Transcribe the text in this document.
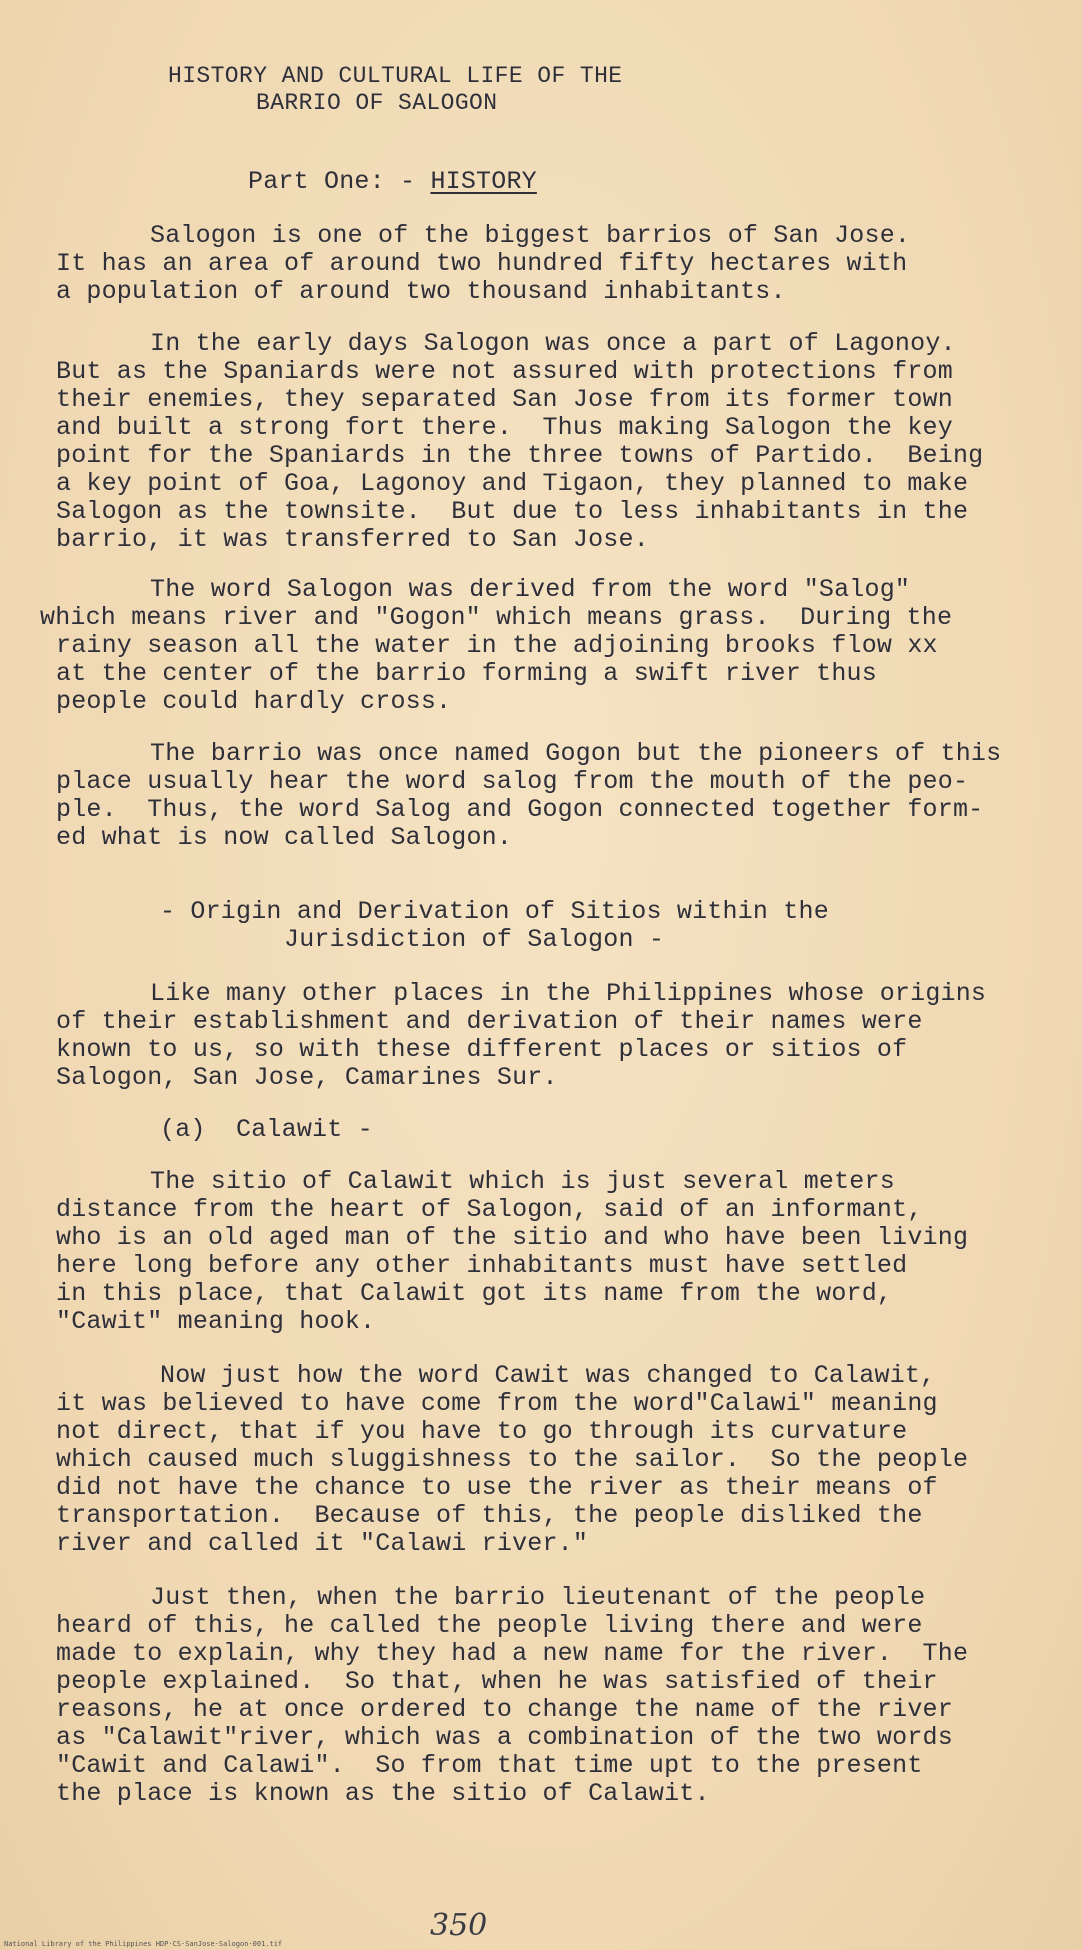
HISTORY AND CULTURAL LIFE OF THE
BARRIO OF SALOGON
Part One: - HISTORY
Salogon is one of the biggest barrios of San Jose.
It has an area of around two hundred fifty hectares with
a population of around two thousand inhabitants.
In the early days Salogon was once a part of Lagonoy.
But as the Spaniards were not assured with protections from
their enemies, they separated San Jose from its former town
and built a strong fort there.  Thus making Salogon the key
point for the Spaniards in the three towns of Partido.  Being
a key point of Goa, Lagonoy and Tigaon, they planned to make
Salogon as the townsite.  But due to less inhabitants in the
barrio, it was transferred to San Jose.
The word Salogon was derived from the word "Salog"
which means river and "Gogon" which means grass.  During the
rainy season all the water in the adjoining brooks flow xx
at the center of the barrio forming a swift river thus
people could hardly cross.
The barrio was once named Gogon but the pioneers of this
place usually hear the word salog from the mouth of the peo-
ple.  Thus, the word Salog and Gogon connected together form-
ed what is now called Salogon.
- Origin and Derivation of Sitios within the
Jurisdiction of Salogon -
Like many other places in the Philippines whose origins
of their establishment and derivation of their names were
known to us, so with these different places or sitios of
Salogon, San Jose, Camarines Sur.
(a)  Calawit -
The sitio of Calawit which is just several meters
distance from the heart of Salogon, said of an informant,
who is an old aged man of the sitio and who have been living
here long before any other inhabitants must have settled
in this place, that Calawit got its name from the word,
"Cawit" meaning hook.
Now just how the word Cawit was changed to Calawit,
it was believed to have come from the word"Calawi" meaning
not direct, that if you have to go through its curvature
which caused much sluggishness to the sailor.  So the people
did not have the chance to use the river as their means of
transportation.  Because of this, the people disliked the
river and called it "Calawi river."
Just then, when the barrio lieutenant of the people
heard of this, he called the people living there and were
made to explain, why they had a new name for the river.  The
people explained.  So that, when he was satisfied of their
reasons, he at once ordered to change the name of the river
as "Calawit"river, which was a combination of the two words
"Cawit and Calawi".  So from that time upt to the present
the place is known as the sitio of Calawit.
350
National Library of the Philippines HDP·CS·SanJose·Salogon·001.tif
